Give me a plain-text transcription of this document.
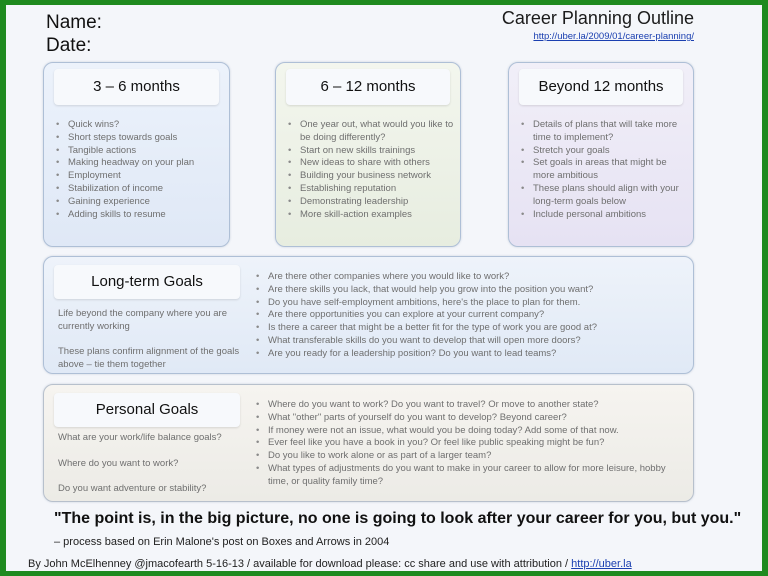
Name:
Date:
Career Planning Outline
http://uber.la/2009/01/career-planning/
3 – 6 months
• Quick wins?
• Short steps towards goals
• Tangible actions
• Making headway on your plan
• Employment
• Stabilization of income
• Gaining experience
• Adding skills to resume
6 – 12 months
• One year out, what would you like to be doing differently?
• Start on new skills trainings
• New ideas to share with others
• Building your business network
• Establishing reputation
• Demonstrating leadership
• More skill-action examples
Beyond 12 months
• Details of plans that will take more time to implement?
• Stretch your goals
• Set goals in areas that might be more ambitious
• These plans should align with your long-term goals below
• Include personal ambitions
Long-term Goals
Life beyond the company where you are currently working
These plans confirm alignment of the goals above – tie them together
• Are there other companies where you would like to work?
• Are there skills you lack, that would help you grow into the position you want?
• Do you have self-employment ambitions, here's the place to plan for them.
• Are there opportunities you can explore at your current company?
• Is there a career that might be a better fit for the type of work you are good at?
• What transferable skills do you want to develop that will open more doors?
• Are you ready for a leadership position? Do you want to lead teams?
Personal Goals
What are your work/life balance goals?
Where do you want to work?
Do you want adventure or stability?
• Where do you want to work? Do you want to travel? Or move to another state?
• What "other" parts of yourself do you want to develop? Beyond career?
• If money were not an issue, what would you be doing today? Add some of that now.
• Ever feel like you have a book in you? Or feel like public speaking might be fun?
• Do you like to work alone or as part of a larger team?
• What types of adjustments do you want to make in your career to allow for more leisure, hobby time, or quality family time?
"The point is, in the big picture, no one is going to look after your career for you, but you." – process based on Erin Malone's post on Boxes and Arrows in 2004
By John McElhenney @jmacofearth 5-16-13 / available for download please: cc share and use with attribution / http://uber.la
